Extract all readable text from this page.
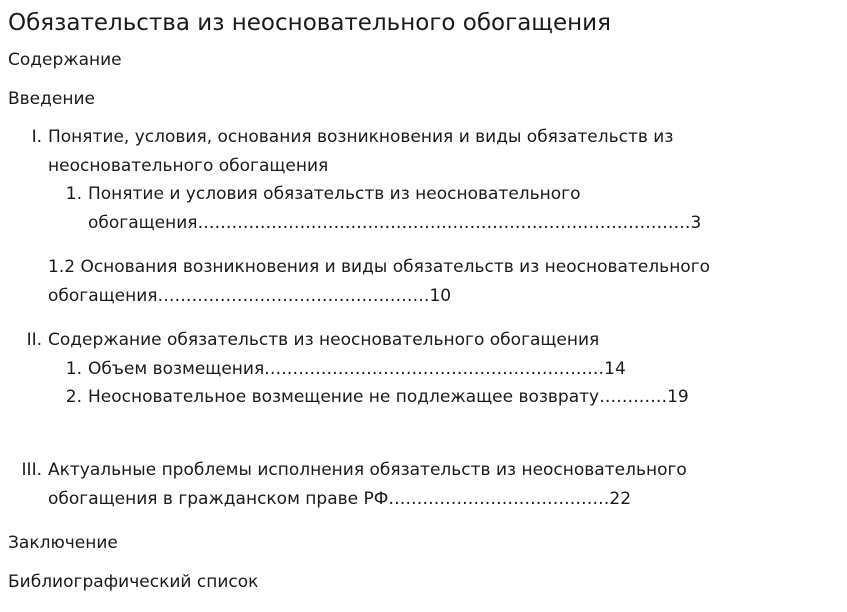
Обязательства из неосновательного обогащения
Содержание
Введение
I. Понятие, условия, основания возникновения и виды обязательств из
неосновательного обогащения
1. Понятие и условия обязательств из неосновательного
обогащения……………………………………………………………………………3
1.2 Основания возникновения и виды обязательств из неосновательного
обогащения…………………………………………10
II. Содержание обязательств из неосновательного обогащения
1. Объем возмещения……………………………………………………14
2. Неосновательное возмещение не подлежащее возврату…………19
III. Актуальные проблемы исполнения обязательств из неосновательного
обогащения в гражданском праве РФ…………………………………22
Заключение
Библиографический список
